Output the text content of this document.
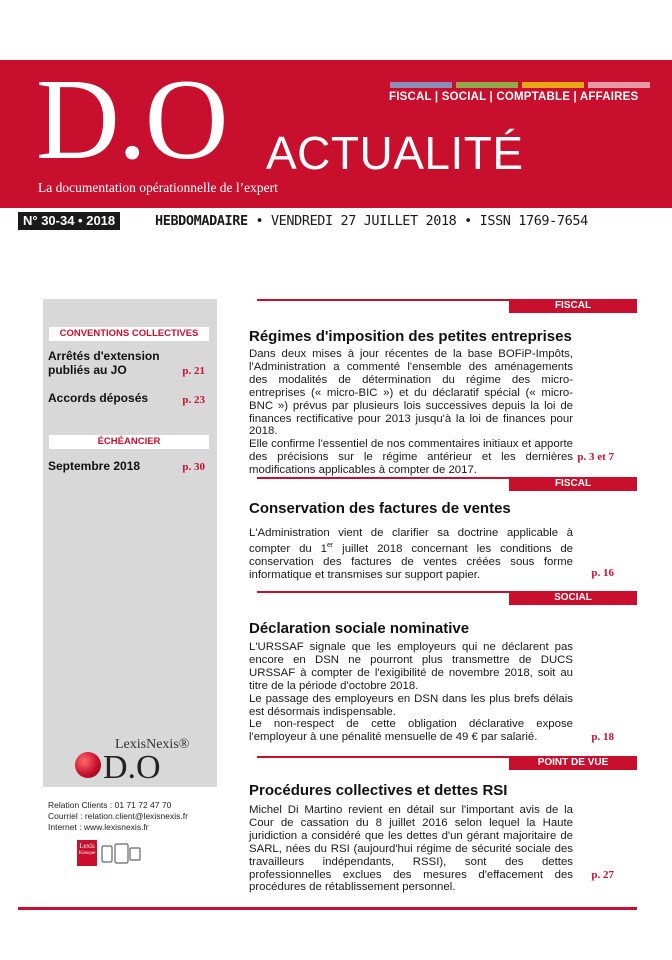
FISCAL | SOCIAL | COMPTABLE | AFFAIRES
D.O ACTUALITÉ
La documentation opérationnelle de l’expert
N° 30-34 • 2018	HEBDOMADAIRE • VENDREDI 27 JUILLET 2018 • ISSN 1769-7654
CONVENTIONS COLLECTIVES
Arrêtés d'extension publiés au JO	p. 21
Accords déposés	p. 23
ÉCHÉANCIER
Septembre 2018	p. 30
LexisNexis®
D.O
Relation Clients : 01 71 72 47 70
Courriel : relation.client@lexisnexis.fr
Internet : www.lexisnexis.fr
Lexis
Kiosque
FISCAL
Régimes d'imposition des petites entreprises

Dans deux mises à jour récentes de la base BOFiP-Impôts, l'Administration a commenté l'ensemble des aménagements des modalités de détermination du régime des micro-entreprises (« micro-BIC ») et du déclaratif spécial (« micro-BNC ») prévus par plusieurs lois successives depuis la loi de finances rectificative pour 2013 jusqu'à la loi de finances pour 2018.

Elle confirme l'essentiel de nos commentaires initiaux et apporte des précisions sur le régime antérieur et les dernières modifications applicables à compter de 2017.

p. 3 et 7
FISCAL
Conservation des factures de ventes

L'Administration vient de clarifier sa doctrine applicable à compter du 1er juillet 2018 concernant les conditions de conservation des factures de ventes créées sous forme informatique et transmises sur support papier.	p. 16
SOCIAL
Déclaration sociale nominative

L'URSSAF signale que les employeurs qui ne déclarent pas encore en DSN ne pourront plus transmettre de DUCS URSSAF à compter de l'exigibilité de novembre 2018, soit au titre de la période d'octobre 2018.

Le passage des employeurs en DSN dans les plus brefs délais est désormais indispensable.

Le non-respect de cette obligation déclarative expose l'employeur à une pénalité mensuelle de 49 € par salarié.	p. 18
POINT DE VUE
Procédures collectives et dettes RSI

Michel Di Martino revient en détail sur l'important avis de la Cour de cassation du 8 juillet 2016 selon lequel la Haute juridiction a considéré que les dettes d'un gérant majoritaire de SARL, nées du RSI (aujourd'hui régime de sécurité sociale des travailleurs indépendants, RSSI), sont des dettes professionnelles exclues des mesures d'effacement des procédures de rétablissement personnel.

p. 27
